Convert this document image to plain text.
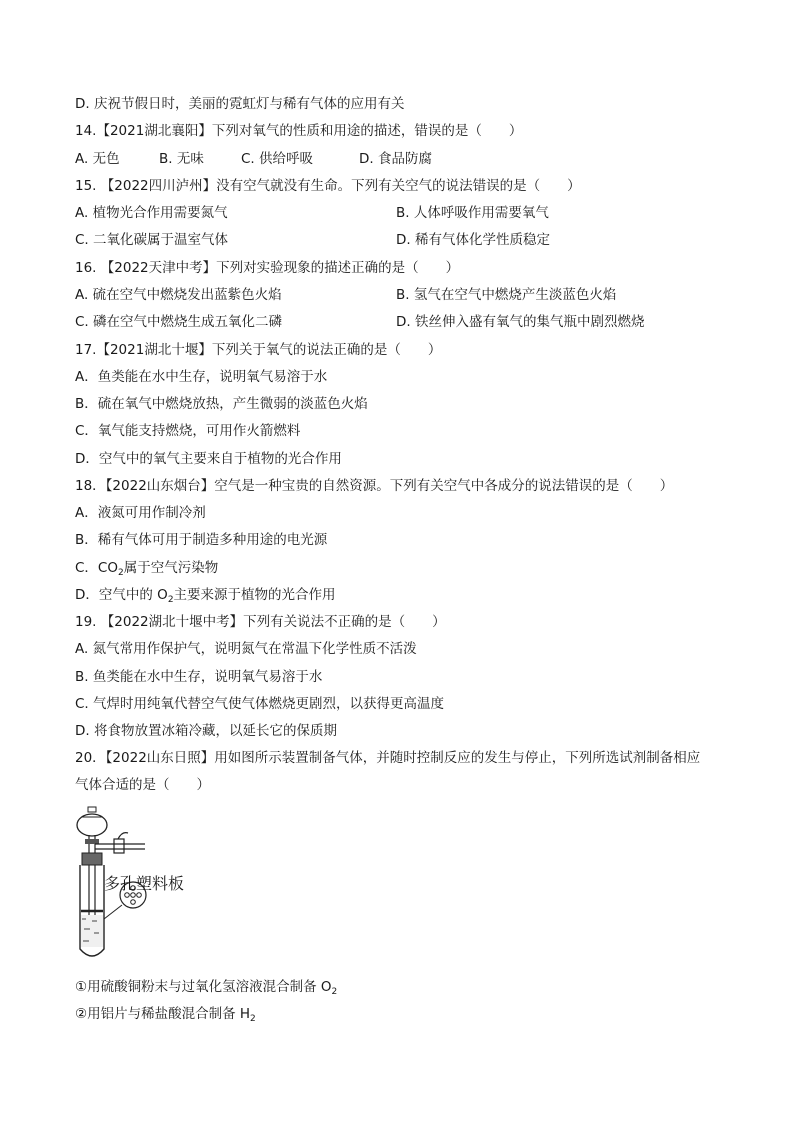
D. 庆祝节假日时，美丽的霓虹灯与稀有气体的应用有关
14.【2021湖北襄阳】下列对氧气的性质和用途的描述，错误的是（　　）
A. 无色	B. 无味	C. 供给呼吸	D. 食品防腐
15. 【2022四川泸州】没有空气就没有生命。下列有关空气的说法错误的是（　　）
A. 植物光合作用需要氮气	B. 人体呼吸作用需要氧气
C. 二氧化碳属于温室气体	D. 稀有气体化学性质稳定
16. 【2022天津中考】下列对实验现象的描述正确的是（　　）
A. 硫在空气中燃烧发出蓝紫色火焰	B. 氢气在空气中燃烧产生淡蓝色火焰
C. 磷在空气中燃烧生成五氧化二磷	D. 铁丝伸入盛有氧气的集气瓶中剧烈燃烧
17.【2021湖北十堰】下列关于氧气的说法正确的是（　　）
A．鱼类能在水中生存，说明氧气易溶于水
B．硫在氧气中燃烧放热，产生微弱的淡蓝色火焰
C．氧气能支持燃烧，可用作火箭燃料
D．空气中的氧气主要来自于植物的光合作用
18．【2022山东烟台】空气是一种宝贵的自然资源。下列有关空气中各成分的说法错误的是（　　）
A．液氮可用作制冷剂
B．稀有气体可用于制造多种用途的电光源
C．$CO_2$属于空气污染物
D．空气中的 $O_2$主要来源于植物的光合作用
19. 【2022湖北十堰中考】下列有关说法不正确的是（　　）
A. 氮气常用作保护气，说明氮气在常温下化学性质不活泼
B. 鱼类能在水中生存，说明氧气易溶于水
C. 气焊时用纯氧代替空气使气体燃烧更剧烈，以获得更高温度
D. 将食物放置冰箱冷藏，以延长它的保质期
20．【2022山东日照】用如图所示装置制备气体，并随时控制反应的发生与停止，下列所选试剂制备相应
气体合适的是（　　）
多孔塑料板
①用硫酸铜粉末与过氧化氢溶液混合制备 $O_2$
②用铝片与稀盐酸混合制备 $H_2$
